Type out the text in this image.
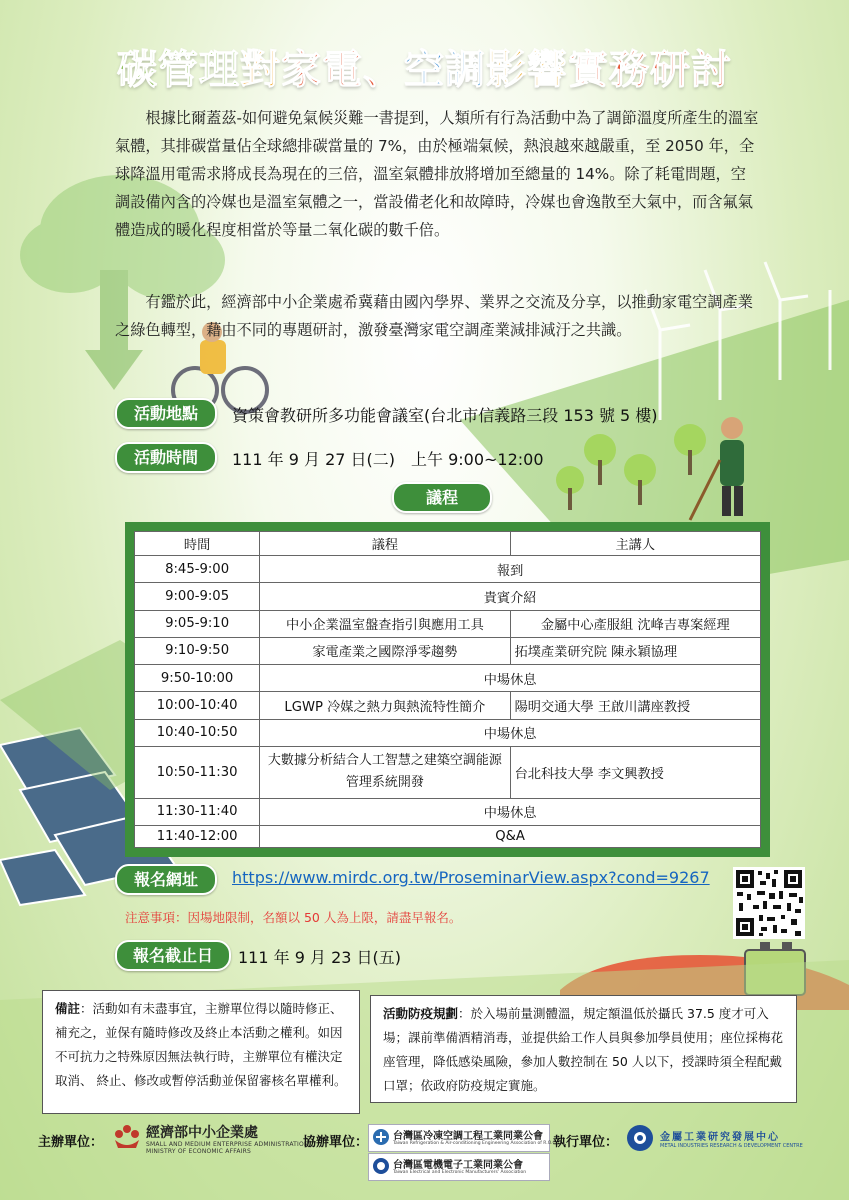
碳管理對家電、空調影響實務研討
根據比爾蓋茲-如何避免氣候災難一書提到，人類所有行為活動中為了調節溫度所產生的溫室氣體，其排碳當量佔全球總排碳當量的 7%，由於極端氣候，熱浪越來越嚴重，至 2050 年，全球降溫用電需求將成長為現在的三倍，溫室氣體排放將增加至總量的 14%。除了耗電問題，空調設備內含的冷媒也是溫室氣體之一，當設備老化和故障時，冷媒也會逸散至大氣中，而含氟氣體造成的暖化程度相當於等量二氧化碳的數千倍。
有鑑於此，經濟部中小企業處希冀藉由國內學界、業界之交流及分享，以推動家電空調產業之綠色轉型，藉由不同的專題研討，激發臺灣家電空調產業減排減汙之共識。
活動地點	資策會教研所多功能會議室(台北市信義路三段 153 號 5 樓)
活動時間	111 年 9 月 27 日(二)　上午 9:00~12:00
議程
時間	議程	主講人
8:45-9:00	報到	
9:00-9:05	貴賓介紹	
9:05-9:10	中小企業溫室盤查指引與應用工具	金屬中心產服組 沈峰吉專案經理
9:10-9:50	家電產業之國際淨零趨勢	拓墣產業研究院 陳永穎協理
9:50-10:00	中場休息	
10:00-10:40	LGWP 冷媒之熱力與熱流特性簡介	陽明交通大學 王啟川講座教授
10:40-10:50	中場休息	
10:50-11:30	大數據分析結合人工智慧之建築空調能源管理系統開發	台北科技大學 李文興教授
11:30-11:40	中場休息	
11:40-12:00	Q&A	
報名網址	https://www.mirdc.org.tw/ProseminarView.aspx?cond=9267
注意事項：因場地限制，名額以 50 人為上限，請盡早報名。
報名截止日	111 年 9 月 23 日(五)
備註：活動如有未盡事宜，主辦單位得以隨時修正、補充之，並保有隨時修改及終止本活動之權利。如因不可抗力之特殊原因無法執行時，主辦單位有權決定取消、 終止、修改或暫停活動並保留審核名單權利。
活動防疫規劃：於入場前量測體溫，規定額溫低於攝氏 37.5 度才可入場；課前準備酒精消毒，並提供給工作人員與參加學員使用；座位採梅花座管理，降低感染風險，參加人數控制在 50 人以下，授課時須全程配戴口罩；依政府防疫規定實施。
主辦單位：
經濟部中小企業處
SMALL AND MEDIUM ENTERPRISE ADMINISTRATION
MINISTRY OF ECONOMIC AFFAIRS
協辦單位： 台灣區冷凍空調工程工業同業公會
Taiwan Refrigeration & Air-conditioning Engineering Association of R.O.C.
台灣區電機電子工業同業公會
Taiwan Electrical and Electronic Manufacturers' Association
執行單位：	金屬工業研究發展中心
METAL INDUSTRIES RESEARCH & DEVELOPMENT CENTRE
